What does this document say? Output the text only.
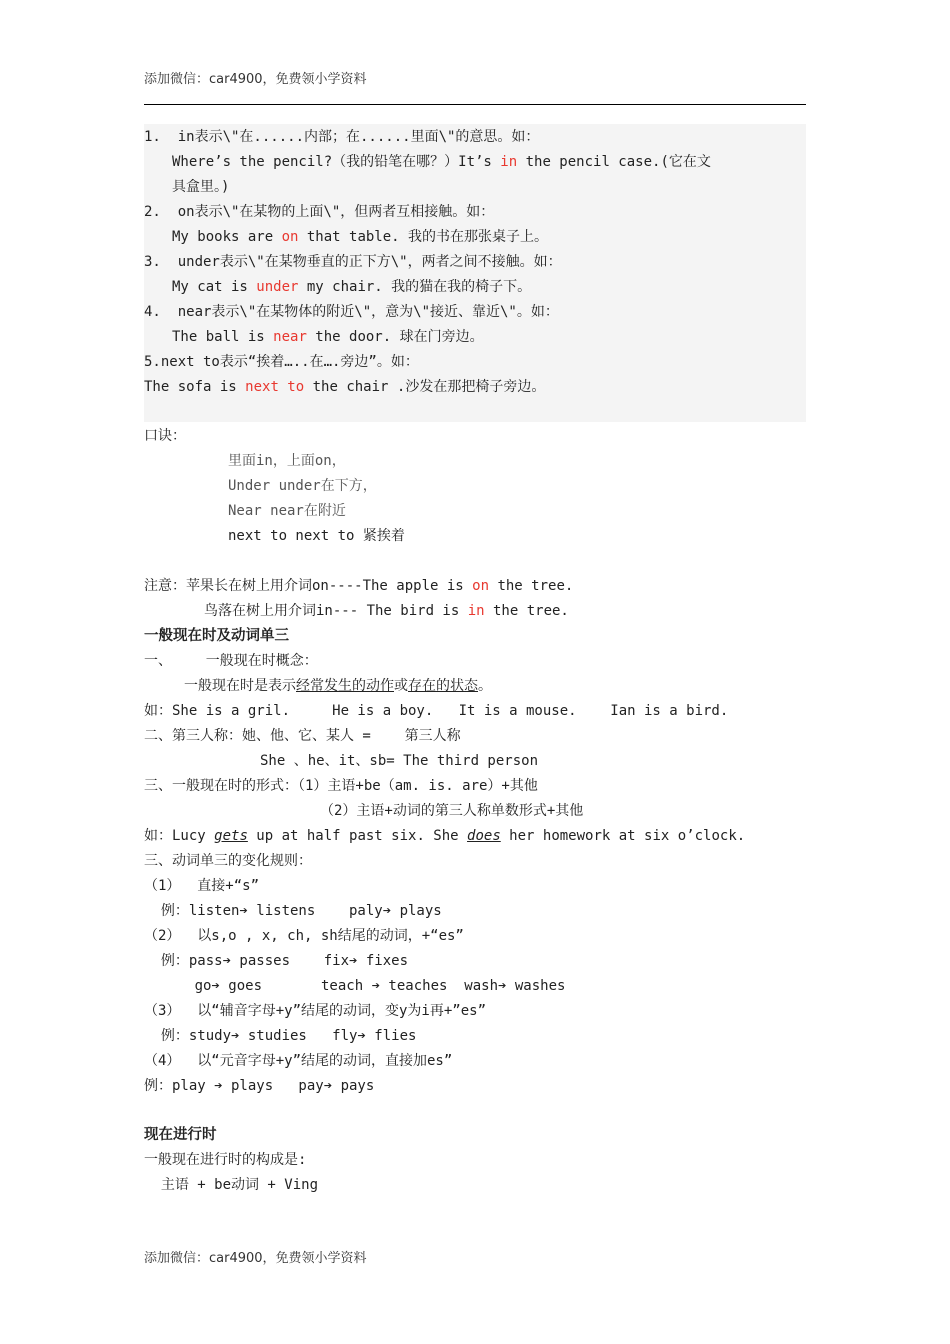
添加微信：car4900，免费领小学资料
1.  in表示\"在......内部；在......里面\"的意思。如：
Where’s the pencil?（我的铅笔在哪？）It’s in the pencil case.(它在文
具盒里。)
2.  on表示\"在某物的上面\"，但两者互相接触。如：
My books are on that table. 我的书在那张桌子上。
3.  under表示\"在某物垂直的正下方\"，两者之间不接触。如：
My cat is under my chair. 我的猫在我的椅子下。
4.  near表示\"在某物体的附近\"，意为\"接近、靠近\"。如：
The ball is near the door. 球在门旁边。
5.next to表示“挨着…..在….旁边”。如：
The sofa is next to the chair .沙发在那把椅子旁边。
口诀：
里面in，上面on，
Under under在下方，
Near near在附近
next to next to 紧挨着
注意：苹果长在树上用介词on----The apple is on the tree.
鸟落在树上用介词in--- The bird is in the tree.
一般现在时及动词单三
一、    一般现在时概念：
一般现在时是表示经常发生的动作或存在的状态。
如：She is a gril.     He is a boy.   It is a mouse.    Ian is a bird.
二、第三人称：她、他、它、某人 =    第三人称
She 、he、it、sb= The third person
三、一般现在时的形式：（1）主语+be（am. is. are）+其他
（2）主语+动词的第三人称单数形式+其他
如：Lucy gets up at half past six. She does her homework at six o’clock.
三、动词单三的变化规则：
（1）  直接+“s”
例：listen➔ listens    paly➔ plays
（2）  以s,o , x, ch, sh结尾的动词，+“es”
例：pass➔ passes    fix➔ fixes
go➔ goes       teach ➔ teaches  wash➔ washes
（3）  以“辅音字母+y”结尾的动词，变y为i再+”es”
例：study➔ studies   fly➔ flies
（4）  以“元音字母+y”结尾的动词，直接加es”
例：play ➔ plays   pay➔ pays
现在进行时
一般现在进行时的构成是:
主语 + be动词 + Ving
添加微信：car4900，免费领小学资料
